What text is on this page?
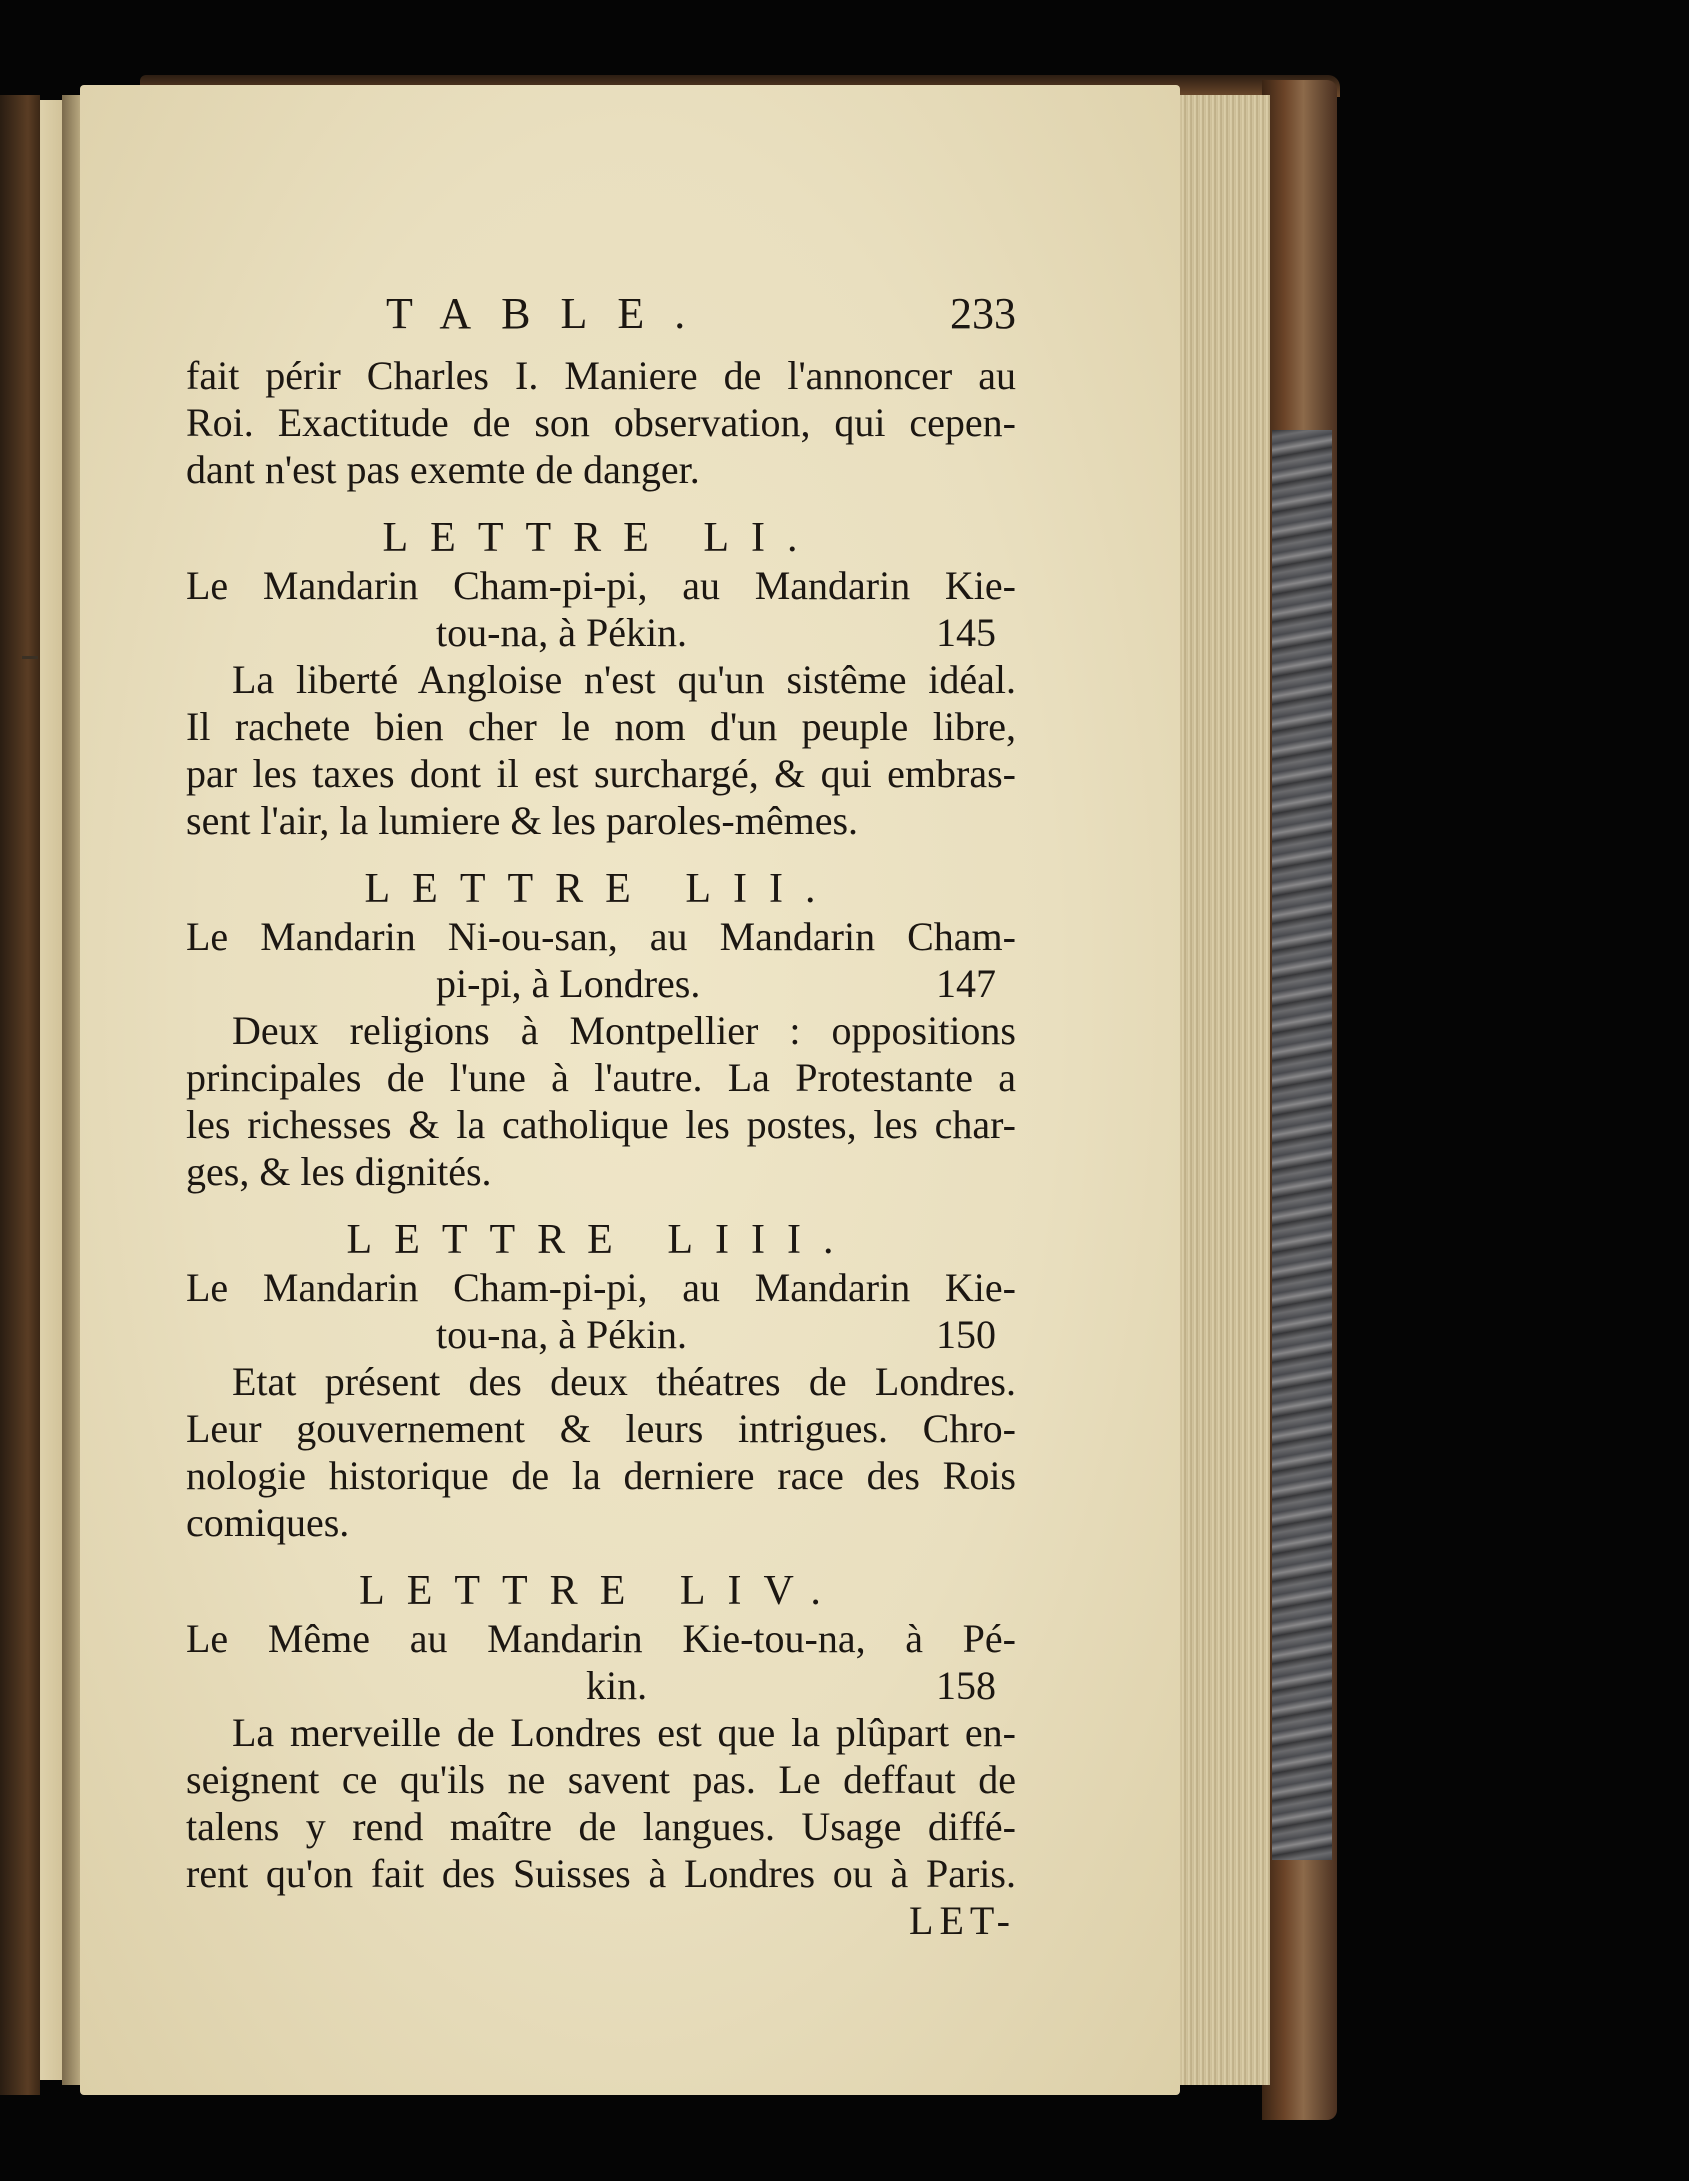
TABLE.	233
fait périr Charles I. Maniere de l'annoncer au
Roi. Exactitude de son observation, qui cepen-
dant n'est pas exemte de danger.
LETTRE LI.
Le Mandarin Cham-pi-pi, au Mandarin Kie-
tou-na, à Pékin.	145
La liberté Angloise n'est qu'un sistême idéal.
Il rachete bien cher le nom d'un peuple libre,
par les taxes dont il est surchargé, & qui embras-
sent l'air, la lumiere & les paroles-mêmes.
LETTRE LII.
Le Mandarin Ni-ou-san, au Mandarin Cham-
pi-pi, à Londres.	147
Deux religions à Montpellier : oppositions
principales de l'une à l'autre. La Protestante a
les richesses & la catholique les postes, les char-
ges, & les dignités.
LETTRE LIII.
Le Mandarin Cham-pi-pi, au Mandarin Kie-
tou-na, à Pékin.	150
Etat présent des deux théatres de Londres.
Leur gouvernement & leurs intrigues. Chro-
nologie historique de la derniere race des Rois
comiques.
LETTRE LIV.
Le Même au Mandarin Kie-tou-na, à Pé-
kin.	158
La merveille de Londres est que la plûpart en-
seignent ce qu'ils ne savent pas. Le deffaut de
talens y rend maître de langues. Usage diffé-
rent qu'on fait des Suisses à Londres ou à Paris.
LET-
